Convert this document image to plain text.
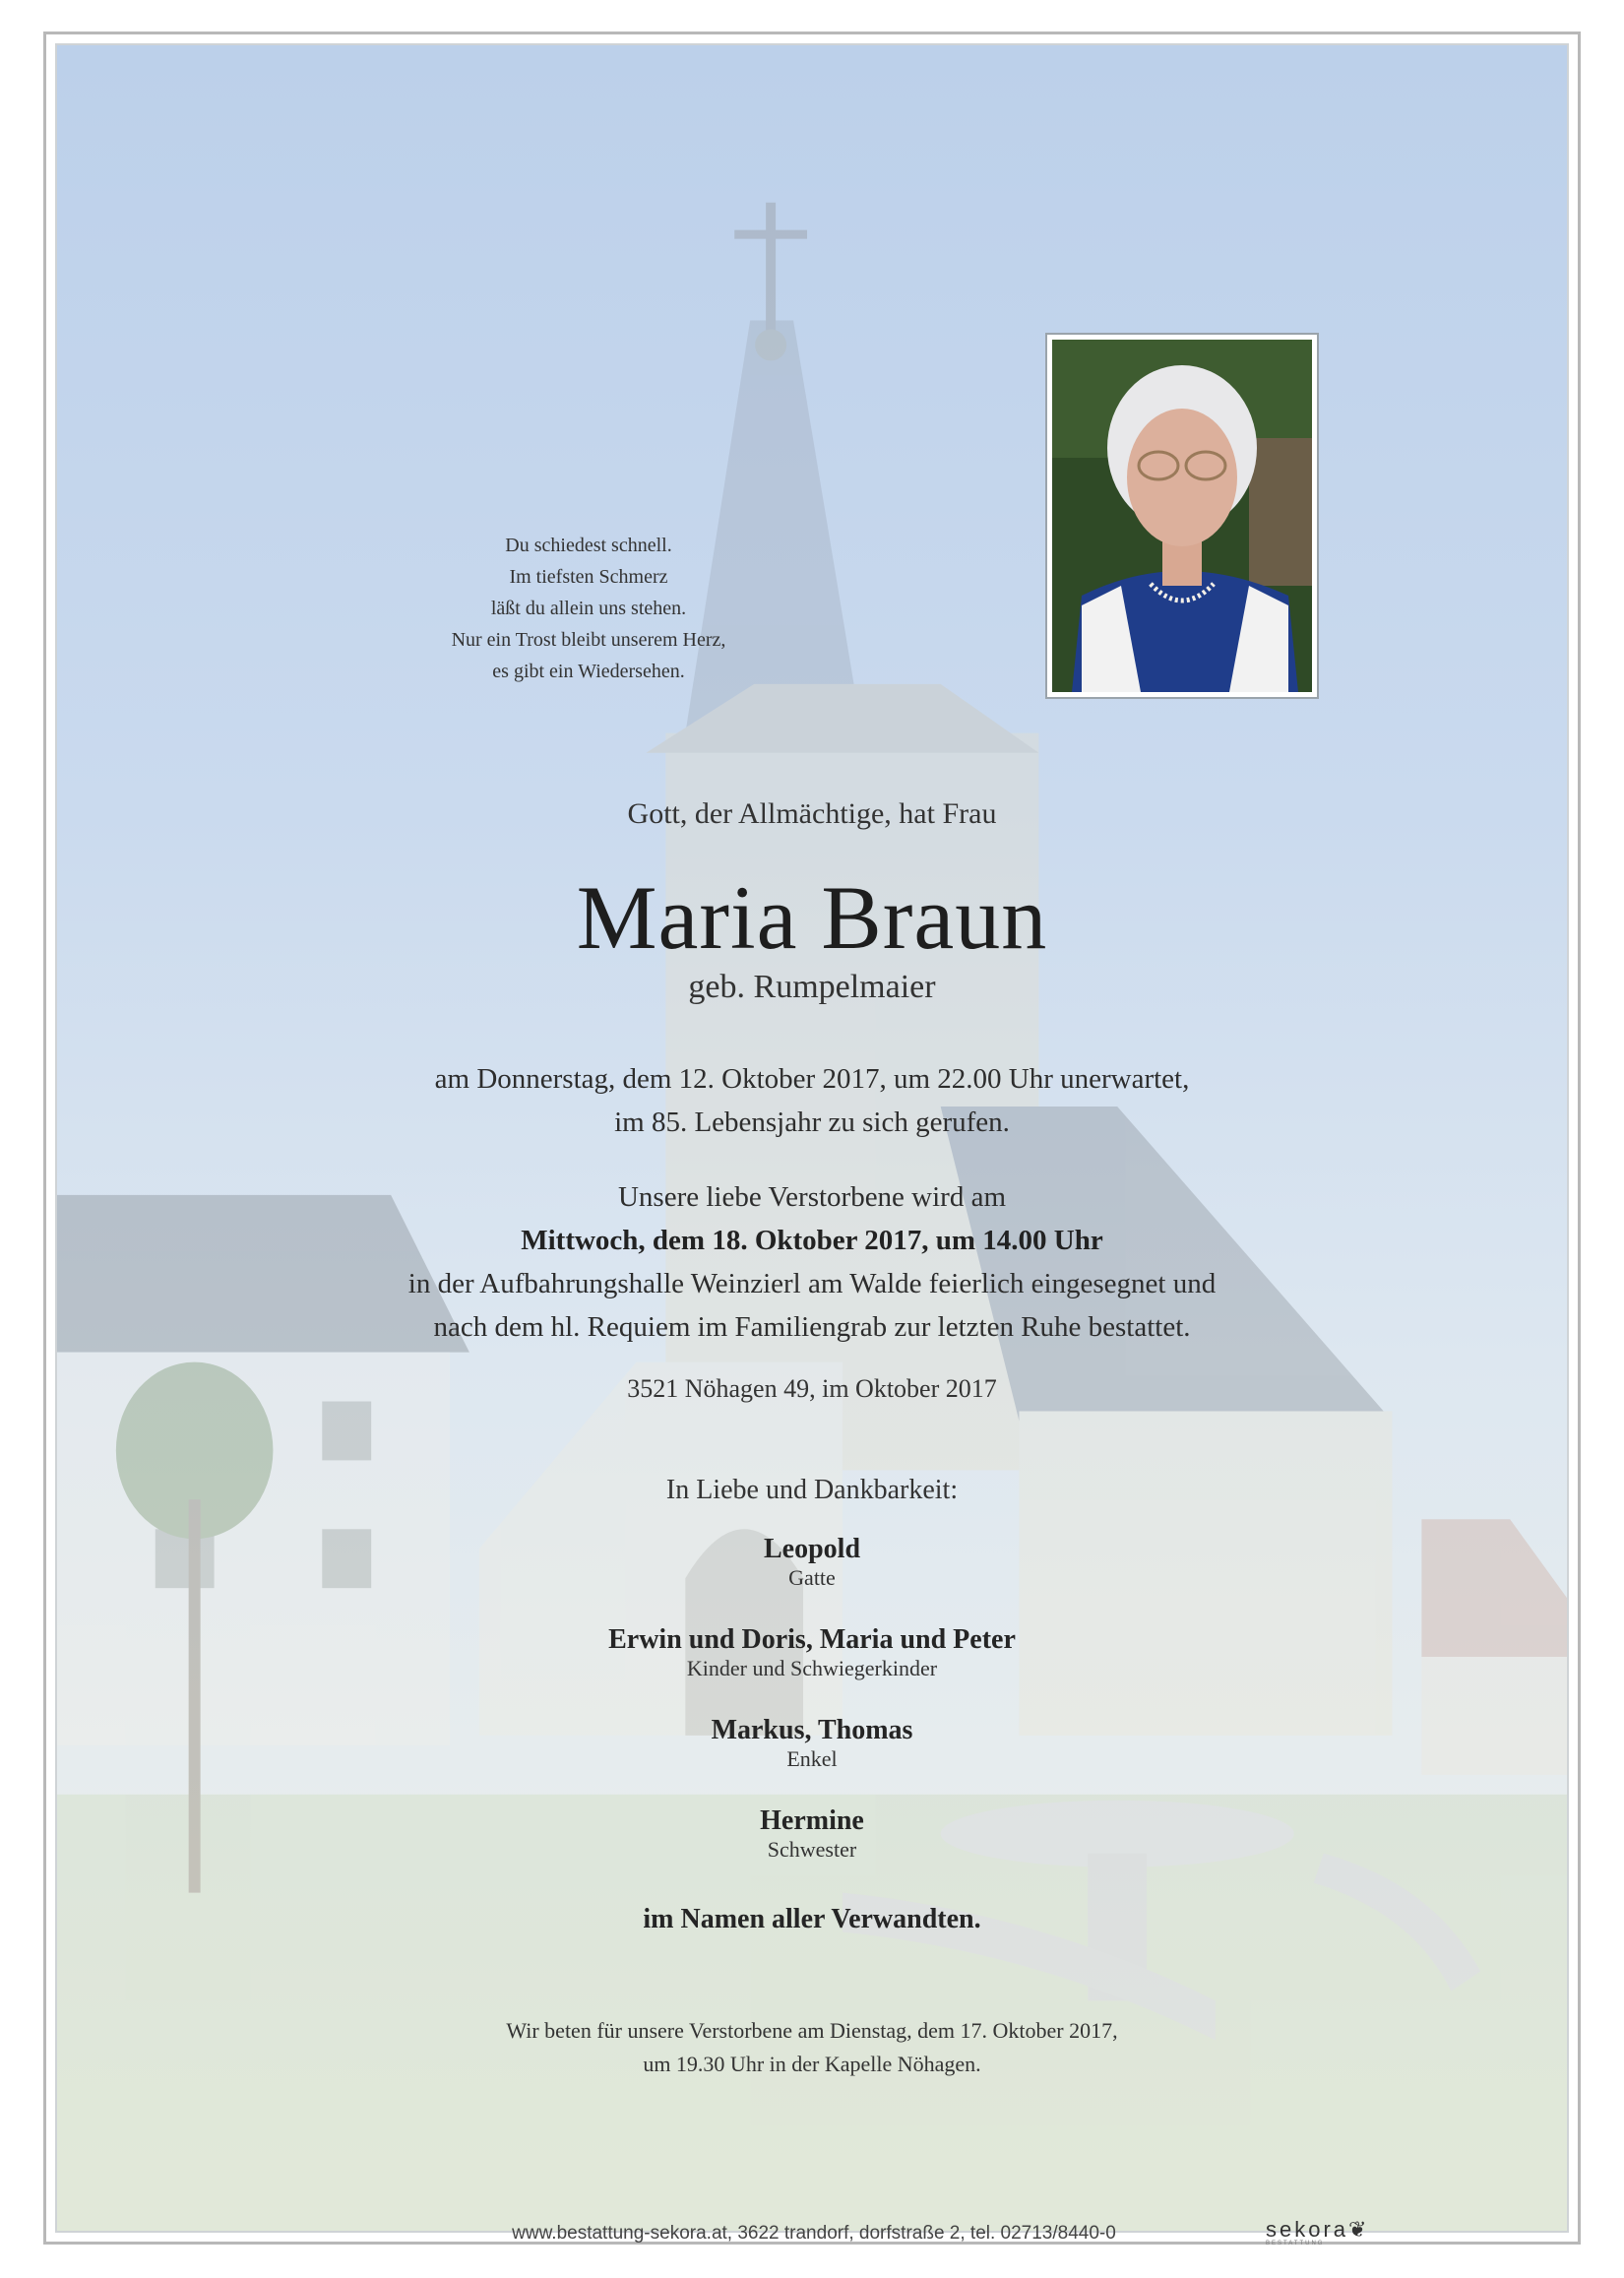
Du schiedest schnell.
Im tiefsten Schmerz
läßt du allein uns stehen.
Nur ein Trost bleibt unserem Herz,
es gibt ein Wiedersehen.
Gott, der Allmächtige, hat Frau
Maria Braun
geb. Rumpelmaier
am Donnerstag, dem 12. Oktober 2017, um 22.00 Uhr unerwartet,
im 85. Lebensjahr zu sich gerufen.
Unsere liebe Verstorbene wird am
Mittwoch, dem 18. Oktober 2017, um 14.00 Uhr
in der Aufbahrungshalle Weinzierl am Walde feierlich eingesegnet und
nach dem hl. Requiem im Familiengrab zur letzten Ruhe bestattet.
3521 Nöhagen 49, im Oktober 2017
In Liebe und Dankbarkeit:
Leopold
Gatte
Erwin und Doris, Maria und Peter
Kinder und Schwiegerkinder
Markus, Thomas
Enkel
Hermine
Schwester
im Namen aller Verwandten.
Wir beten für unsere Verstorbene am Dienstag, dem 17. Oktober 2017,
um 19.30 Uhr in der Kapelle Nöhagen.
www.bestattung-sekora.at, 3622 trandorf, dorfstraße 2, tel. 02713/8440-0	sekora❦
BESTATTUNG
